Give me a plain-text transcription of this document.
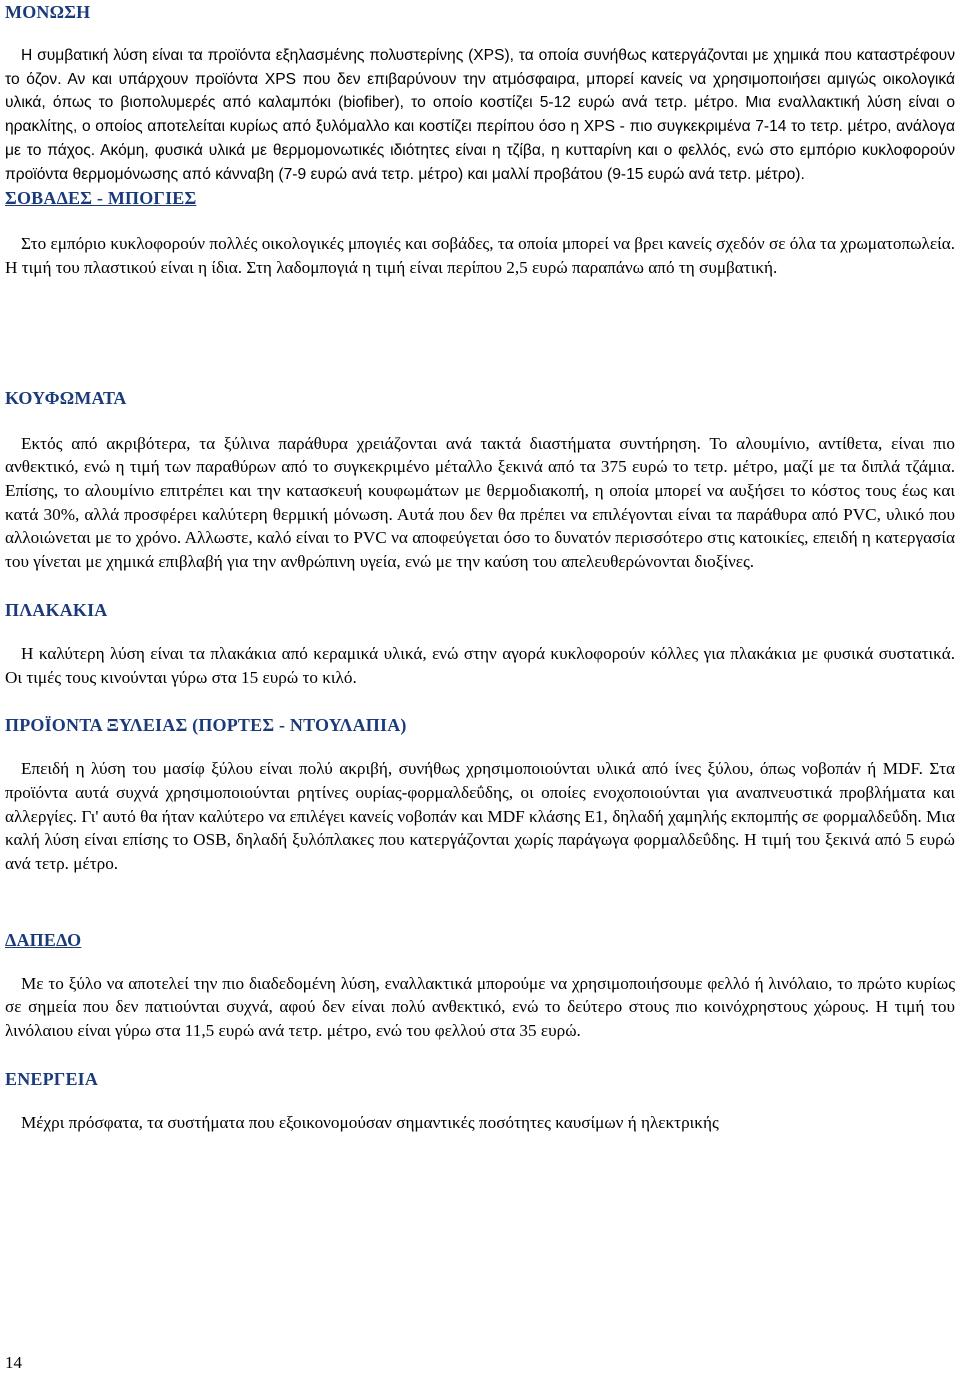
ΜΟΝΩΣΗ

Η συμβατική λύση είναι τα προϊόντα εξηλασμένης πολυστερίνης (XPS), τα οποία συνήθως κατεργάζονται με χημικά που καταστρέφουν το όζον. Αν και υπάρχουν προϊόντα XPS που δεν επιβαρύνουν την ατμόσφαιρα, μπορεί κανείς να χρησιμοποιήσει αμιγώς οικολογικά υλικά, όπως το βιοπολυμερές από καλαμπόκι (biofiber), το οποίο κοστίζει 5-12 ευρώ ανά τετρ. μέτρο. Μια εναλλακτική λύση είναι ο ηρακλίτης, ο οποίος αποτελείται κυρίως από ξυλόμαλλο και κοστίζει περίπου όσο η XPS - πιο συγκεκριμένα 7-14 το τετρ. μέτρο, ανάλογα με το πάχος. Ακόμη, φυσικά υλικά με θερμομονωτικές ιδιότητες είναι η τζίβα, η κυτταρίνη και ο φελλός, ενώ στο εμπόριο κυκλοφορούν προϊόντα θερμομόνωσης από κάνναβη (7-9 ευρώ ανά τετρ. μέτρο) και μαλλί προβάτου (9-15 ευρώ ανά τετρ. μέτρο).

ΣΟΒΑΔΕΣ - ΜΠΟΓΙΕΣ

Στο εμπόριο κυκλοφορούν πολλές οικολογικές μπογιές και σοβάδες, τα οποία μπορεί να βρει κανείς σχεδόν σε όλα τα χρωματοπωλεία. Η τιμή του πλαστικού είναι η ίδια. Στη λαδομπογιά η τιμή είναι περίπου 2,5 ευρώ παραπάνω από τη συμβατική.

ΚΟΥΦΩΜΑΤΑ

Εκτός από ακριβότερα, τα ξύλινα παράθυρα χρειάζονται ανά τακτά διαστήματα συντήρηση. Το αλουμίνιο, αντίθετα, είναι πιο ανθεκτικό, ενώ η τιμή των παραθύρων από το συγκεκριμένο μέταλλο ξεκινά από τα 375 ευρώ το τετρ. μέτρο, μαζί με τα διπλά τζάμια. Επίσης, το αλουμίνιο επιτρέπει και την κατασκευή κουφωμάτων με θερμοδιακοπή, η οποία μπορεί να αυξήσει το κόστος τους έως και κατά 30%, αλλά προσφέρει καλύτερη θερμική μόνωση. Αυτά που δεν θα πρέπει να επιλέγονται είναι τα παράθυρα από PVC, υλικό που αλλοιώνεται με το χρόνο. Αλλωστε, καλό είναι το PVC να αποφεύγεται όσο το δυνατόν περισσότερο στις κατοικίες, επειδή η κατεργασία του γίνεται με χημικά επιβλαβή για την ανθρώπινη υγεία, ενώ με την καύση του απελευθερώνονται διοξίνες.

ΠΛΑΚΑΚΙΑ

Η καλύτερη λύση είναι τα πλακάκια από κεραμικά υλικά, ενώ στην αγορά κυκλοφορούν κόλλες για πλακάκια με φυσικά συστατικά. Οι τιμές τους κινούνται γύρω στα 15 ευρώ το κιλό.

ΠΡΟΪΟΝΤΑ ΞΥΛΕΙΑΣ (ΠΟΡΤΕΣ - ΝΤΟΥΛΑΠΙΑ)

Επειδή η λύση του μασίφ ξύλου είναι πολύ ακριβή, συνήθως χρησιμοποιούνται υλικά από ίνες ξύλου, όπως νοβοπάν ή MDF. Στα προϊόντα αυτά συχνά χρησιμοποιούνται ρητίνες ουρίας-φορμαλδεΰδης, οι οποίες ενοχοποιούνται για αναπνευστικά προβλήματα και αλλεργίες. Γι' αυτό θα ήταν καλύτερο να επιλέγει κανείς νοβοπάν και MDF κλάσης E1, δηλαδή χαμηλής εκπομπής σε φορμαλδεΰδη. Μια καλή λύση είναι επίσης το OSB, δηλαδή ξυλόπλακες που κατεργάζονται χωρίς παράγωγα φορμαλδεΰδης. Η τιμή του ξεκινά από 5 ευρώ ανά τετρ. μέτρο.

ΔΑΠΕΔΟ

Με το ξύλο να αποτελεί την πιο διαδεδομένη λύση, εναλλακτικά μπορούμε να χρησιμοποιήσουμε φελλό ή λινόλαιο, το πρώτο κυρίως σε σημεία που δεν πατιούνται συχνά, αφού δεν είναι πολύ ανθεκτικό, ενώ το δεύτερο στους πιο κοινόχρηστους χώρους. Η τιμή του λινόλαιου είναι γύρω στα 11,5 ευρώ ανά τετρ. μέτρο, ενώ του φελλού στα 35 ευρώ.

ΕΝΕΡΓΕΙΑ

Μέχρι πρόσφατα, τα συστήματα που εξοικονομούσαν σημαντικές ποσότητες καυσίμων ή ηλεκτρικής

14
